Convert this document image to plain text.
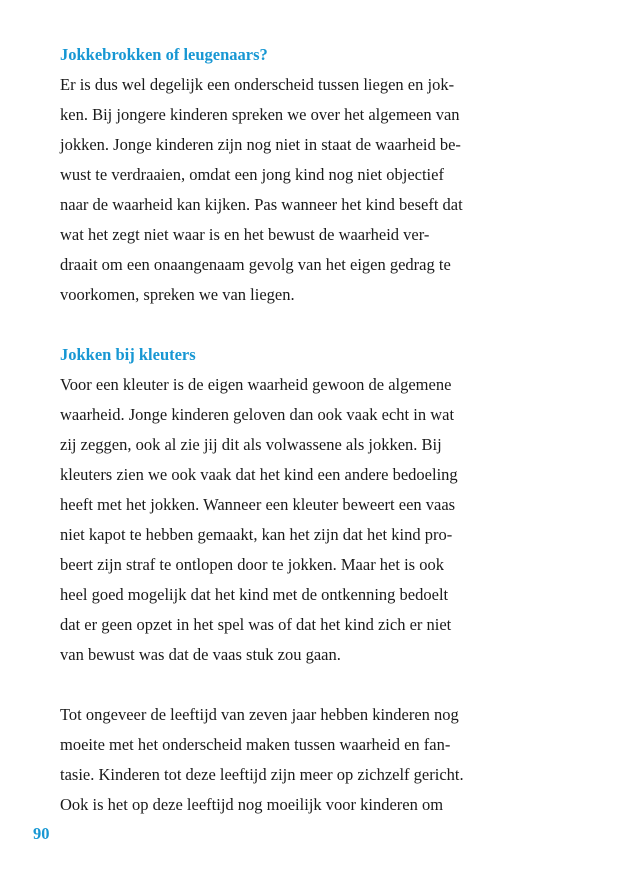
Jokkebrokken of leugenaars?

Er is dus wel degelijk een onderscheid tussen liegen en jok-

ken. Bij jongere kinderen spreken we over het algemeen van

jokken. Jonge kinderen zijn nog niet in staat de waarheid be-

wust te verdraaien, omdat een jong kind nog niet objectief

naar de waarheid kan kijken. Pas wanneer het kind beseft dat

wat het zegt niet waar is en het bewust de waarheid ver-

draait om een onaangenaam gevolg van het eigen gedrag te

voorkomen, spreken we van liegen.

Jokken bij kleuters

Voor een kleuter is de eigen waarheid gewoon de algemene

waarheid. Jonge kinderen geloven dan ook vaak echt in wat

zij zeggen, ook al zie jij dit als volwassene als jokken. Bij

kleuters zien we ook vaak dat het kind een andere bedoeling

heeft met het jokken. Wanneer een kleuter beweert een vaas

niet kapot te hebben gemaakt, kan het zijn dat het kind pro-

beert zijn straf te ontlopen door te jokken. Maar het is ook

heel goed mogelijk dat het kind met de ontkenning bedoelt

dat er geen opzet in het spel was of dat het kind zich er niet

van bewust was dat de vaas stuk zou gaan.

Tot ongeveer de leeftijd van zeven jaar hebben kinderen nog

moeite met het onderscheid maken tussen waarheid en fan-

tasie. Kinderen tot deze leeftijd zijn meer op zichzelf gericht.

Ook is het op deze leeftijd nog moeilijk voor kinderen om

90
